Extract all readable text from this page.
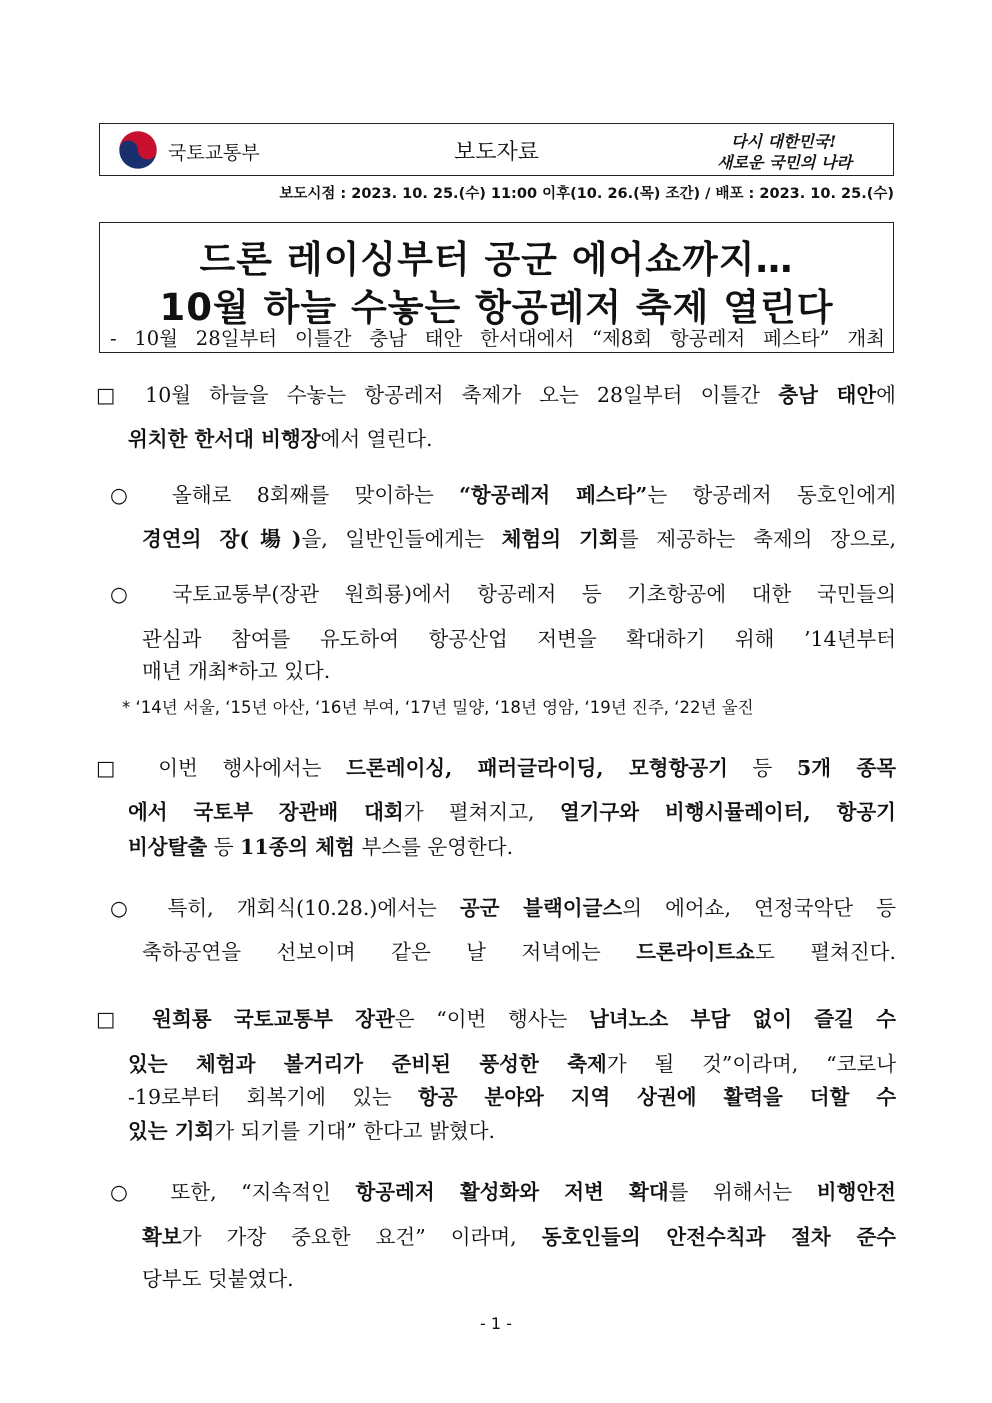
국토교통부	보도자료	다시 대한민국!
새로운 국민의 나라
보도시점 : 2023. 10. 25.(수) 11:00 이후(10. 26.(목) 조간) / 배포 : 2023. 10. 25.(수)
드론 레이싱부터 공군 에어쇼까지…
10월 하늘 수놓는 항공레저 축제 열린다
- 10월 28일부터 이틀간 충남 태안 한서대에서 “제8회 항공레저 페스타” 개최
□ 10월 하늘을 수놓는 항공레저 축제가 오는 28일부터 이틀간 충남 태안에
위치한 한서대 비행장에서 열린다.
○ 올해로 8회째를 맞이하는 “항공레저 페스타”는 항공레저 동호인에게
경연의 장(場)을, 일반인들에게는 체험의 기회를 제공하는 축제의 장으로,
○ 국토교통부(장관 원희룡)에서 항공레저 등 기초항공에 대한 국민들의
관심과 참여를 유도하여 항공산업 저변을 확대하기 위해 ’14년부터
매년 개최*하고 있다.
□ 이번 행사에서는 드론레이싱, 패러글라이딩, 모형항공기 등 5개 종목
에서 국토부 장관배 대회가 펼쳐지고, 열기구와 비행시뮬레이터, 항공기
비상탈출 등 11종의 체험 부스를 운영한다.
○ 특히, 개회식(10.28.)에서는 공군 블랙이글스의 에어쇼, 연정국악단 등
축하공연을 선보이며 같은 날 저녁에는 드론라이트쇼도 펼쳐진다.
□ 원희룡 국토교통부 장관은 “이번 행사는 남녀노소 부담 없이 즐길 수
있는 체험과 볼거리가 준비된 풍성한 축제가 될 것”이라며, “코로나
-19로부터 회복기에 있는 항공 분야와 지역 상권에 활력을 더할 수
있는 기회가 되기를 기대” 한다고 밝혔다.
○ 또한, “지속적인 항공레저 활성화와 저변 확대를 위해서는 비행안전
확보가 가장 중요한 요건” 이라며, 동호인들의 안전수칙과 절차 준수
당부도 덧붙였다.
* ‘14년 서울, ‘15년 아산, ‘16년 부여, ‘17년 밀양, ‘18년 영암, ‘19년 진주, ‘22년 울진
- 1 -
